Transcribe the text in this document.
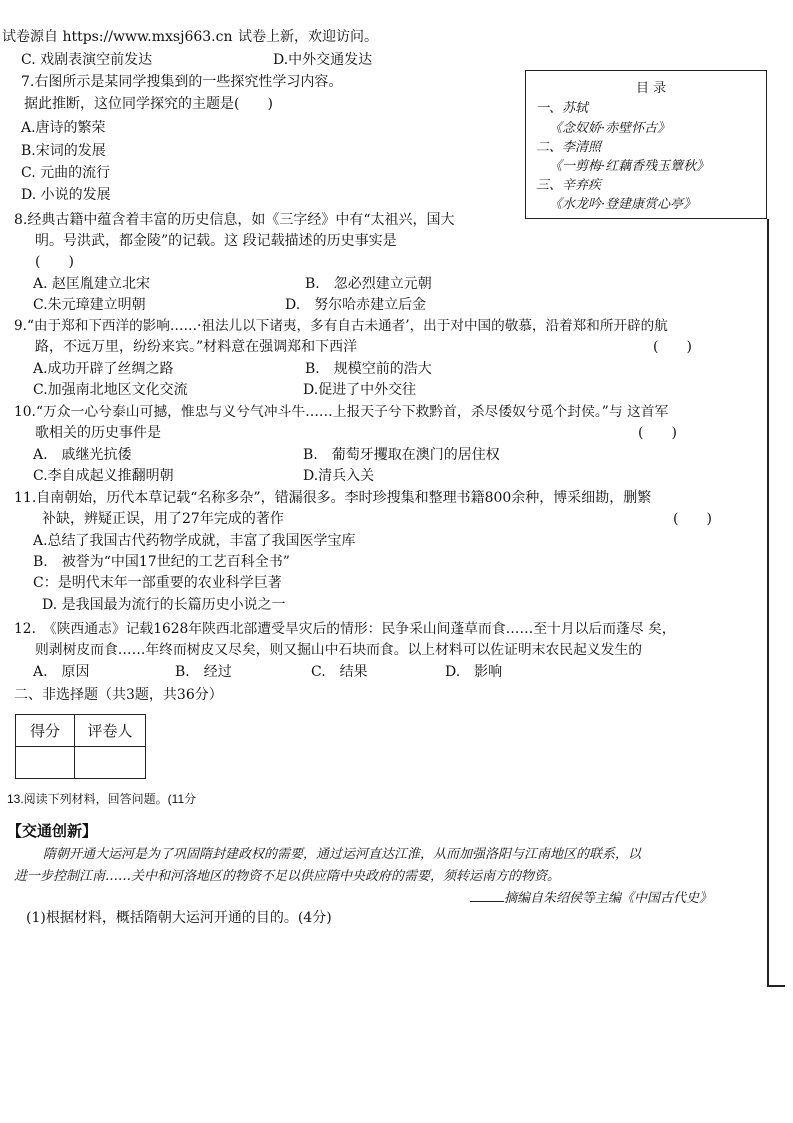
试卷源自 https://www.mxsj663.cn 试卷上新，欢迎访问。
C. 戏剧表演空前发达	D.中外交通发达
7.右图所示是某同学搜集到的一些探究性学习内容。
据此推断，这位同学探究的主题是(　　)
A.唐诗的繁荣
B.宋词的发展
C. 元曲的流行
D. 小说的发展
目 录
一、苏轼
《念奴娇·赤壁怀古》
二、李清照
《一剪梅·红藕香残玉簟秋》
三、辛弃疾
《水龙吟·登建康赏心亭》
8.经典古籍中蕴含着丰富的历史信息，如《三字经》中有“太祖兴，国大
明。号洪武，都金陵”的记载。这 段记载描述的历史事实是
(　　)
A. 赵匡胤建立北宋	B.　忽必烈建立元朝
C.朱元璋建立明朝	D.　努尔哈赤建立后金
9.“由于郑和下西洋的影响……·祖法儿以下诸夷，多有自古未通者’，出于对中国的敬慕，沿着郑和所开辟的航
路，不远万里，纷纷来宾。”材料意在强调郑和下西洋	(　　)
A.成功开辟了丝绸之路	B.　规模空前的浩大
C.加强南北地区文化交流	D.促进了中外交往
10.“万众一心兮泰山可撼，惟忠与义兮气冲斗牛……上报天子兮下救黔首，杀尽倭奴兮觅个封侯。”与 这首军
歌相关的历史事件是	(　　)
A.　戚继光抗倭	B.　葡萄牙攫取在澳门的居住权
C.李自成起义推翻明朝	D.清兵入关
11.自南朝始，历代本草记载“名称多杂”，错漏很多。李时珍搜集和整理书籍800余种，博采细勘，删繁
补缺，辨疑正误，用了27年完成的著作	(　　)
A.总结了我国古代药物学成就，丰富了我国医学宝库
B.　被誉为“中国17世纪的工艺百科全书”
C：是明代末年一部重要的农业科学巨著
D. 是我国最为流行的长篇历史小说之一
12.　《陕西通志》记载1628年陕西北部遭受旱灾后的情形：民争采山间蓬草而食……至十月以后而蓬尽 矣，
则剥树皮而食……年终而树皮又尽矣，则又掘山中石块而食。以上材料可以佐证明末农民起义发生的
A.　原因	B.　经过	C.　结果	D.　影响
二、非选择题（共3题，共36分）
得分	评卷人

13.阅读下列材料，回答问题。(11分
【交通创新】
隋朝开通大运河是为了巩固隋封建政权的需要，通过运河直达江淮，从而加强洛阳与江南地区的联系，以
进一步控制江南……关中和河洛地区的物资不足以供应隋中央政府的需要，须转运南方的物资。
摘编自朱绍侯等主编《中国古代史》
(1)根据材料，概括隋朝大运河开通的目的。(4分)
